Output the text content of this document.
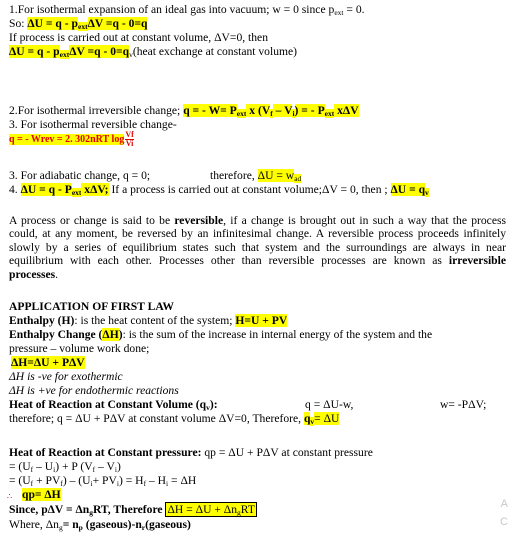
1.For isothermal expansion of an ideal gas into vacuum; w = 0 since $p_{ext} = 0$.
So: $\Delta U = q - p_{ext}\Delta V =q - 0=q$
If process is carried out at constant volume, ΔV=0, then
$\Delta U = q - p_{ext}\Delta V =q$ - $0=q_v(heat$ exchange at constant volume)
2.For isothermal irreversible change; q = - $W= P_{ext}$ x $(V_f - V_i)$ = - $P_{ext}$ xΔV
3. For isothermal reversible change-
q = - Wrev = 2. 302nRT $\log \frac{Vf}{Vi}$
3. For adiabatic change, q = 0;	therefore, $\Delta U = w_{ad}$
4. $\Delta U = q - P_{ext}$ xΔV; If a process is carried out at constant volume;ΔV = 0, then ; $\Delta U = q_v$
A process or change is said to be reversible, if a change is brought out in such a way that the process could, at any moment, be reversed by an infinitesimal change. A reversible process proceeds infinitely slowly by a series of equilibrium states such that system and the surroundings are always in near equilibrium with each other. Processes other than reversible processes are known as irreversible processes.
APPLICATION OF FIRST LAW
Enthalpy (H): is the heat content of the system; H=U + PV
Enthalpy Change (ΔH): is the sum of the increase in internal energy of the system and the
pressure – volume work done;
ΔH=ΔU + PΔV
ΔH is -ve for exothermic
ΔH is +ve for endothermic reactions
Heat of Reaction at Constant Volume $(q_v)$:	q = ΔU-w,	w= -PΔV;
therefore; q = ΔU + PΔV at constant volume ΔV=0, Therefore, $q_v= \Delta U$
Heat of Reaction at Constant pressure: qp = ΔU + PΔV at constant pressure
= $(U_f - U_i) + P$ $(V_f - V_i)$
= $(U_f + PV_f) - (U_i+ PV_i) = H_f - H_i = \Delta H$
∴ qp= ΔH
Since, $p\Delta V = \Delta n_gRT$, Therefore $\Delta H = \Delta U + \Delta n_gRT$
Where, $\Delta n_g= n_p$ $(gaseous)-n_r(gaseous)$
A
C
